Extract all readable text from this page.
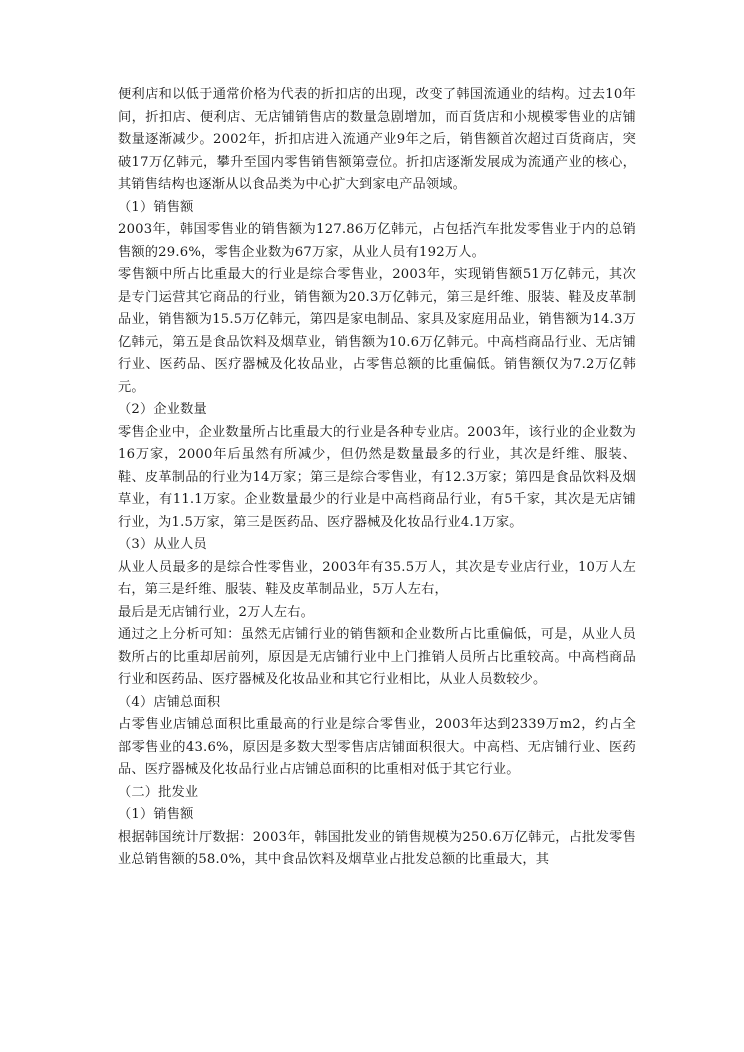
便利店和以低于通常价格为代表的折扣店的出现，改变了韩国流通业的结构。过去10年间，折扣店、便利店、无店铺销售店的数量急剧增加，而百货店和小规模零售业的店铺数量逐渐减少。2002年，折扣店进入流通产业9年之后，销售额首次超过百货商店，突破17万亿韩元，攀升至国内零售销售额第壹位。折扣店逐渐发展成为流通产业的核心，其销售结构也逐渐从以食品类为中心扩大到家电产品领域。

（1）销售额

2003年，韩国零售业的销售额为127.86万亿韩元，占包括汽车批发零售业于内的总销售额的29.6%，零售企业数为67万家，从业人员有192万人。

零售额中所占比重最大的行业是综合零售业，2003年，实现销售额51万亿韩元，其次是专门运营其它商品的行业，销售额为20.3万亿韩元，第三是纤维、服装、鞋及皮革制品业，销售额为15.5万亿韩元，第四是家电制品、家具及家庭用品业，销售额为14.3万亿韩元，第五是食品饮料及烟草业，销售额为10.6万亿韩元。中高档商品行业、无店铺行业、医药品、医疗器械及化妆品业，占零售总额的比重偏低。销售额仅为7.2万亿韩元。

（2）企业数量

零售企业中，企业数量所占比重最大的行业是各种专业店。2003年，该行业的企业数为16万家，2000年后虽然有所减少，但仍然是数量最多的行业，其次是纤维、服装、鞋、皮革制品的行业为14万家；第三是综合零售业，有12.3万家；第四是食品饮料及烟草业，有11.1万家。企业数量最少的行业是中高档商品行业，有5千家，其次是无店铺行业，为1.5万家，第三是医药品、医疗器械及化妆品行业4.1万家。

（3）从业人员

从业人员最多的是综合性零售业，2003年有35.5万人，其次是专业店行业，10万人左右，第三是纤维、服装、鞋及皮革制品业，5万人左右，

最后是无店铺行业，2万人左右。

通过之上分析可知：虽然无店铺行业的销售额和企业数所占比重偏低，可是，从业人员数所占的比重却居前列，原因是无店铺行业中上门推销人员所占比重较高。中高档商品行业和医药品、医疗器械及化妆品业和其它行业相比，从业人员数较少。

（4）店铺总面积

占零售业店铺总面积比重最高的行业是综合零售业，2003年达到2339万m2，约占全部零售业的43.6%，原因是多数大型零售店店铺面积很大。中高档、无店铺行业、医药品、医疗器械及化妆品行业占店铺总面积的比重相对低于其它行业。

（二）批发业

（1）销售额

根据韩国统计厅数据：2003年，韩国批发业的销售规模为250.6万亿韩元，占批发零售业总销售额的58.0%，其中食品饮料及烟草业占批发总额的比重最大，其
